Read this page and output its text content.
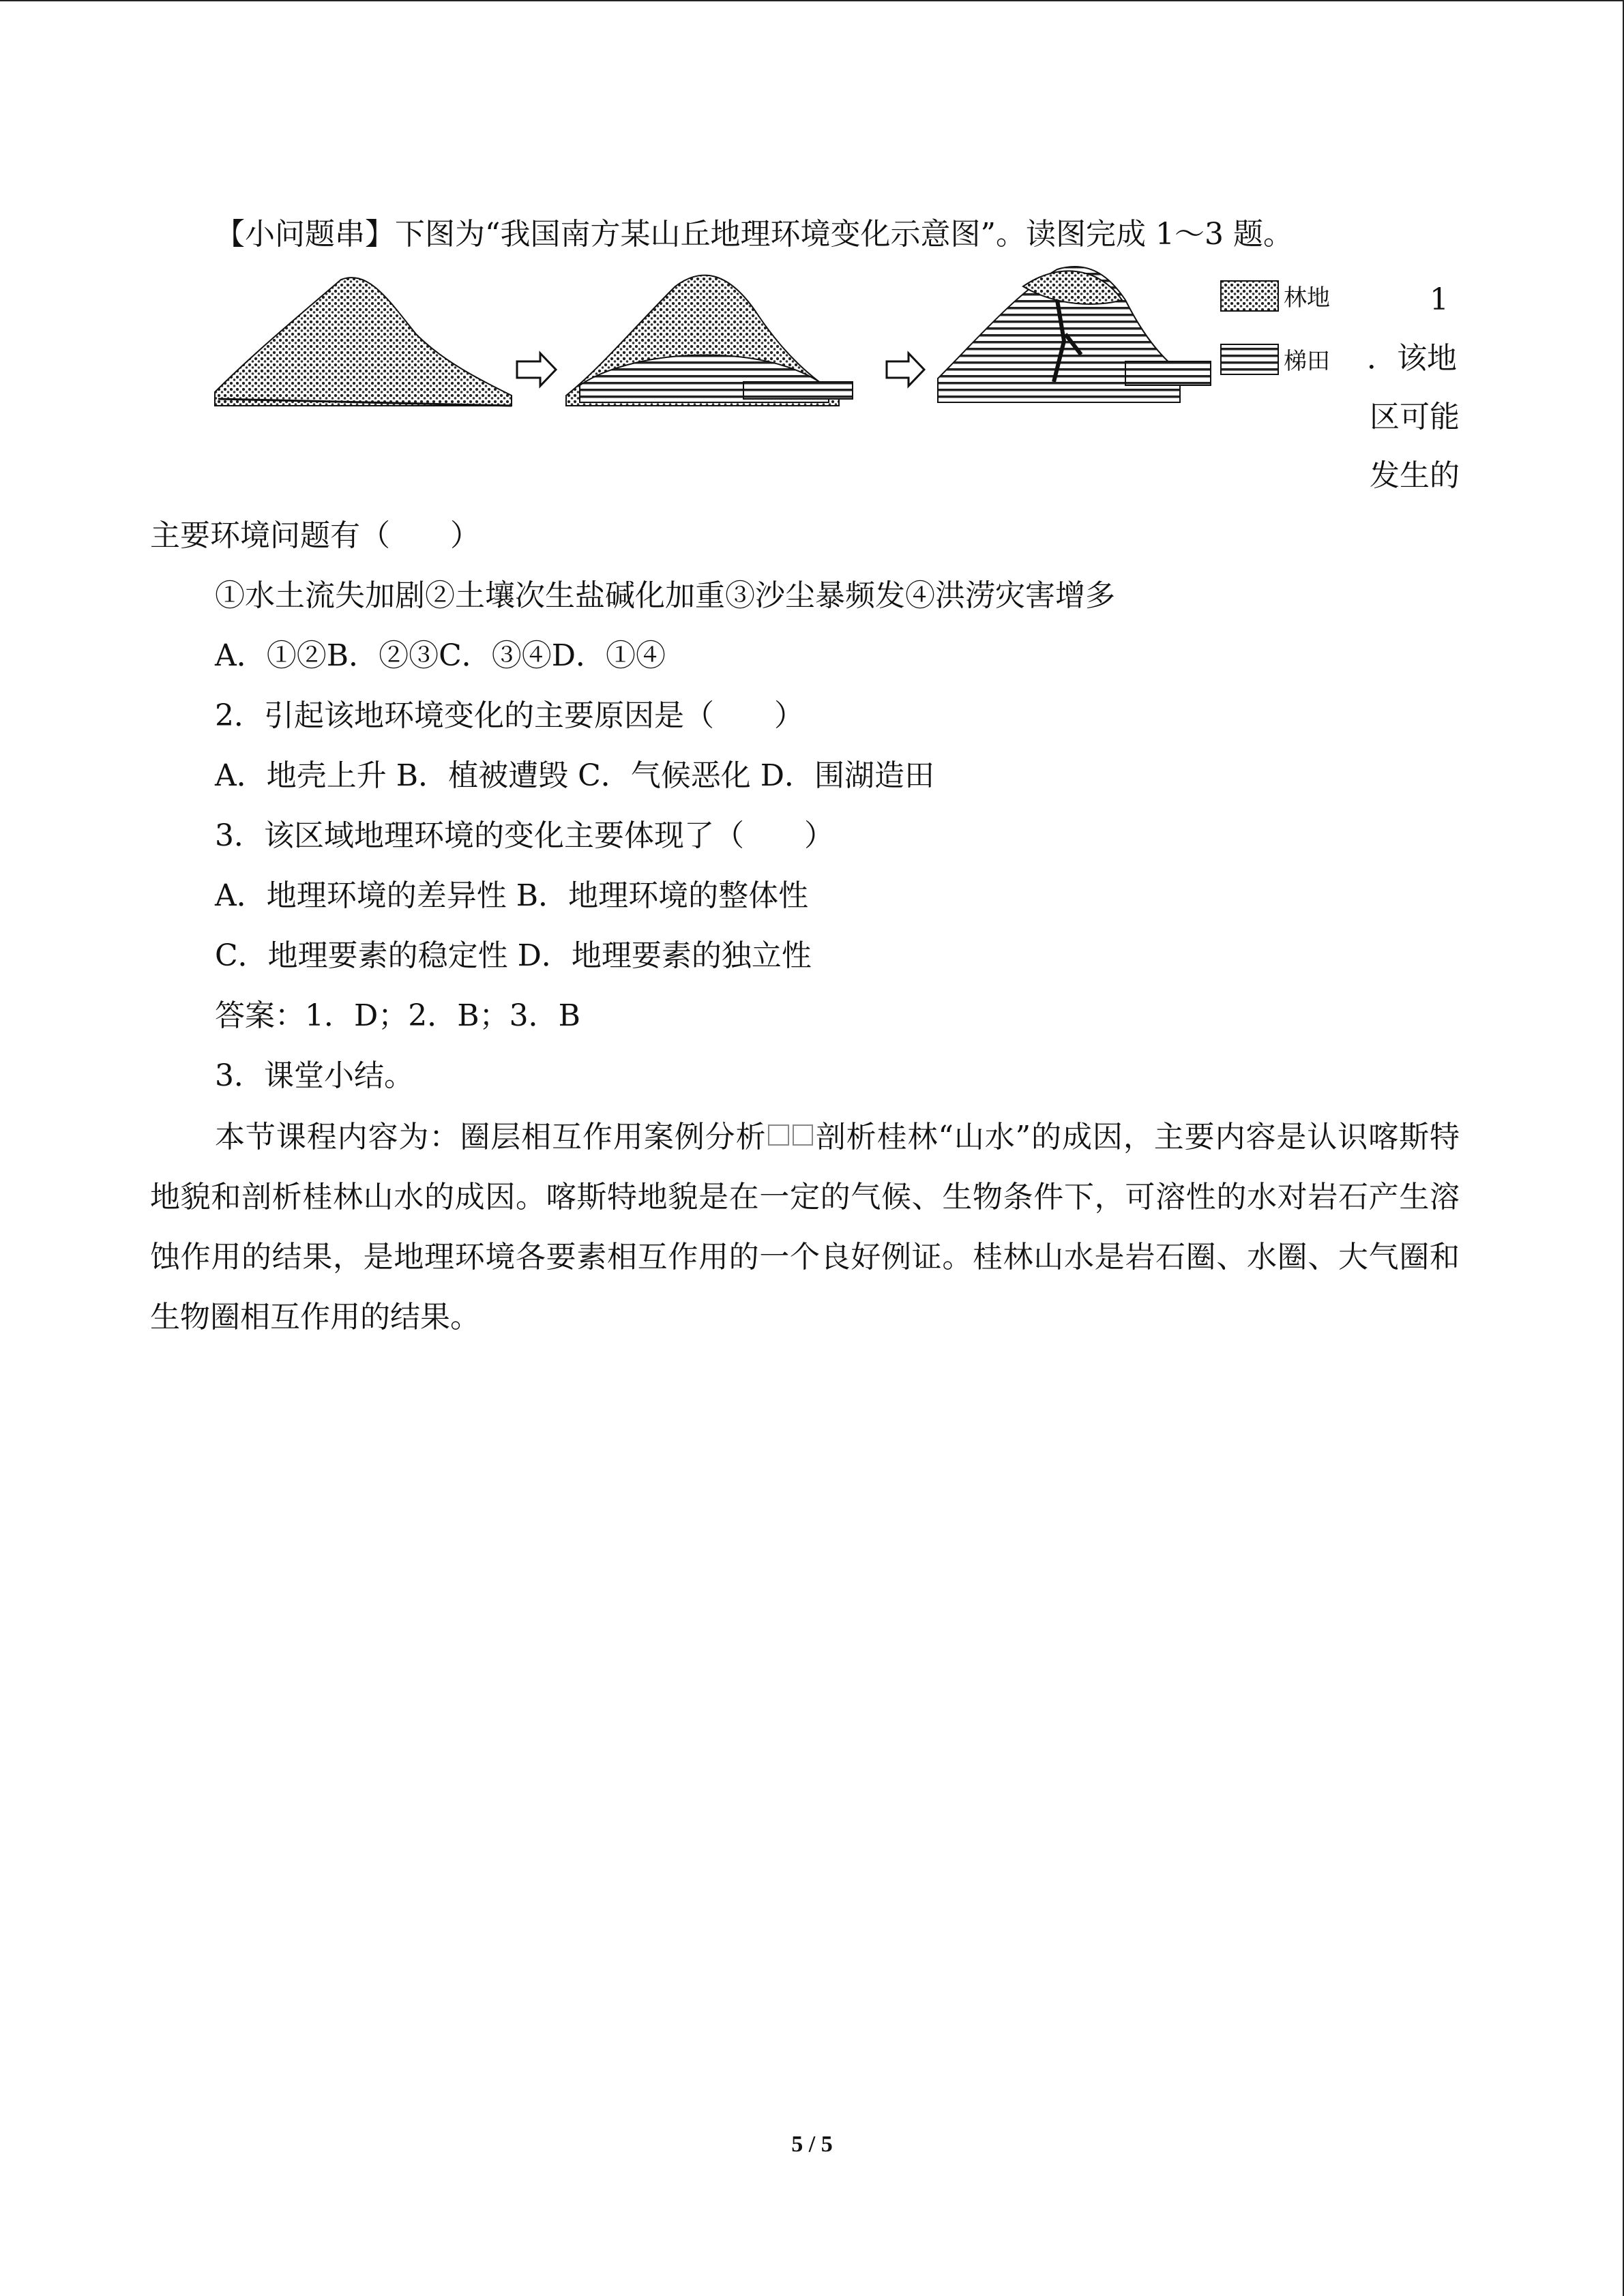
【小问题串】下图为“我国南方某山丘地理环境变化示意图”。读图完成 1～3 题。
林地
梯田
1
．该地
区可能
发生的
主要环境问题有（　　）
①水土流失加剧②土壤次生盐碱化加重③沙尘暴频发④洪涝灾害增多
A．①②B．②③C．③④D．①④
2．引起该地环境变化的主要原因是（　　）
A．地壳上升 B．植被遭毁 C．气候恶化 D．围湖造田
3．该区域地理环境的变化主要体现了（　　）
A．地理环境的差异性 B．地理环境的整体性
C．地理要素的稳定性 D．地理要素的独立性
答案：1．D；2．B；3．B
3．课堂小结。
本节课程内容为：圈层相互作用案例分析 剖析桂林“山水”的成因，主要内容是认识喀斯特地貌和剖析桂林山水的成因。喀斯特地貌是在一定的气候、生物条件下，可溶性的水对岩石产生溶蚀作用的结果，是地理环境各要素相互作用的一个良好例证。桂林山水是岩石圈、水圈、大气圈和生物圈相互作用的结果。
5 / 5
